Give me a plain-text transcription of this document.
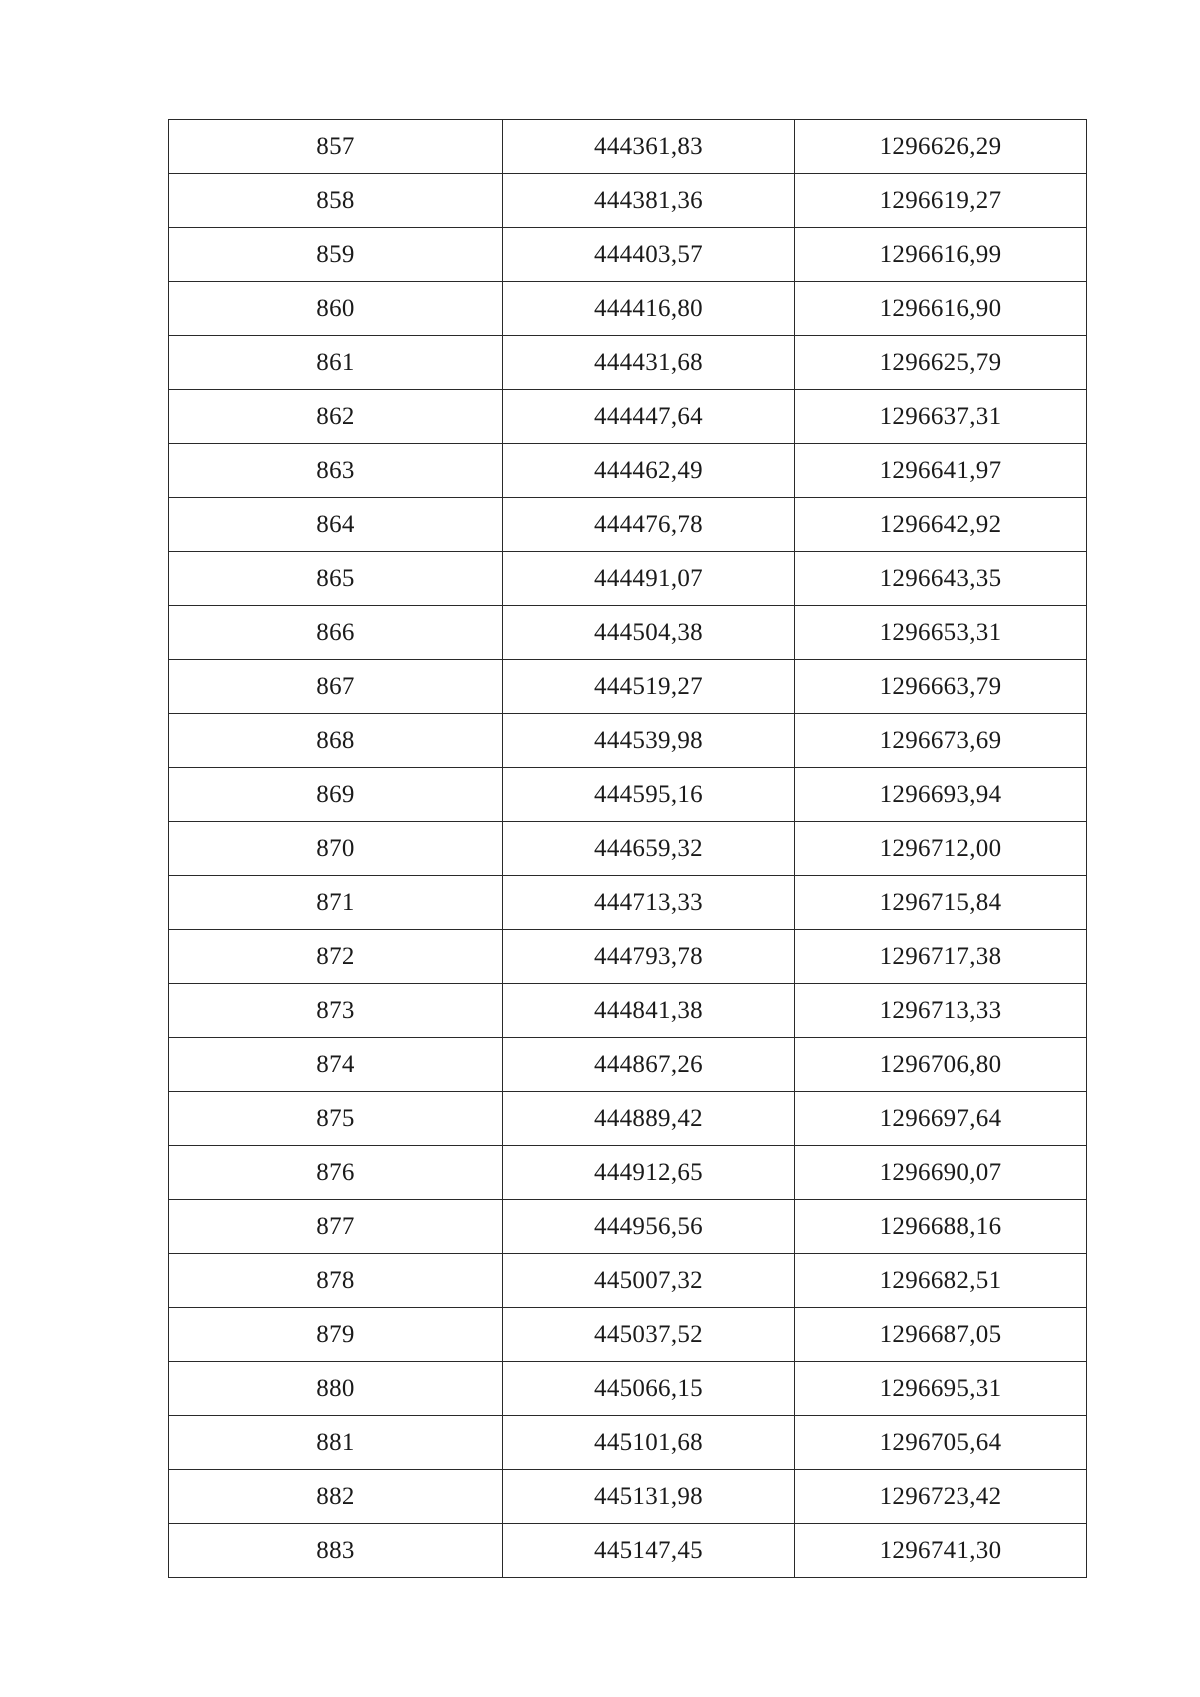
857	444361,83	1296626,29
858	444381,36	1296619,27
859	444403,57	1296616,99
860	444416,80	1296616,90
861	444431,68	1296625,79
862	444447,64	1296637,31
863	444462,49	1296641,97
864	444476,78	1296642,92
865	444491,07	1296643,35
866	444504,38	1296653,31
867	444519,27	1296663,79
868	444539,98	1296673,69
869	444595,16	1296693,94
870	444659,32	1296712,00
871	444713,33	1296715,84
872	444793,78	1296717,38
873	444841,38	1296713,33
874	444867,26	1296706,80
875	444889,42	1296697,64
876	444912,65	1296690,07
877	444956,56	1296688,16
878	445007,32	1296682,51
879	445037,52	1296687,05
880	445066,15	1296695,31
881	445101,68	1296705,64
882	445131,98	1296723,42
883	445147,45	1296741,30
